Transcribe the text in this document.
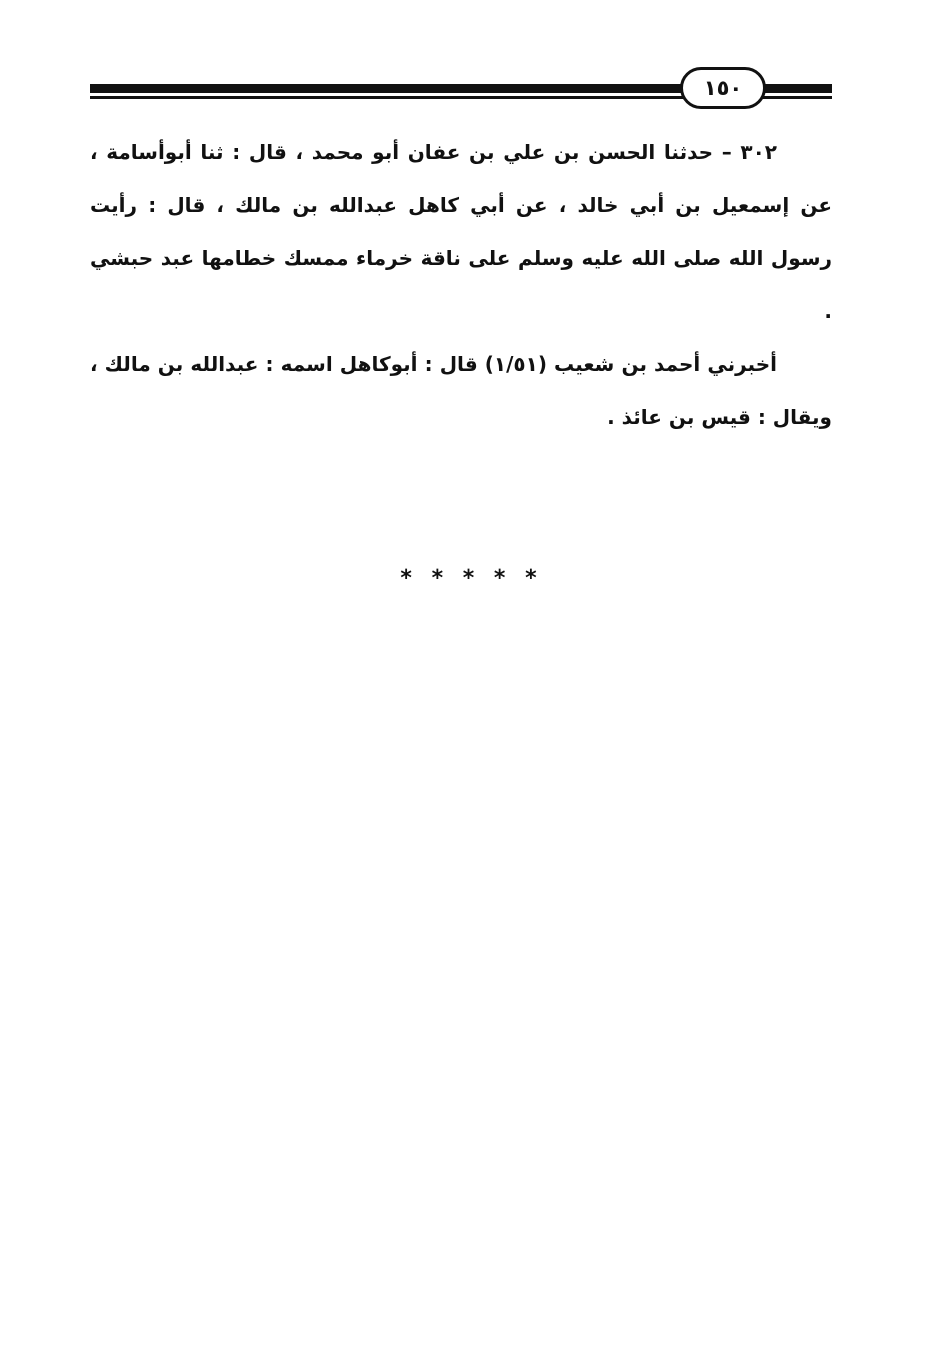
١٥٠

٣٠٢ – حدثنا الحسن بن علي بن عفان أبو محمد ، قال : ثنا أبوأسامة ، عن إسمعيل بن أبي خالد ، عن أبي كاهل عبدالله بن مالك ، قال : رأيت رسول الله صلى الله عليه وسلم على ناقة خرماء ممسك خطامها عبد حبشي .

أخبرني أحمد بن شعيب (١/٥١) قال : أبوكاهل اسمه : عبدالله بن مالك ، ويقال : قيس بن عائذ .

* * * * *
